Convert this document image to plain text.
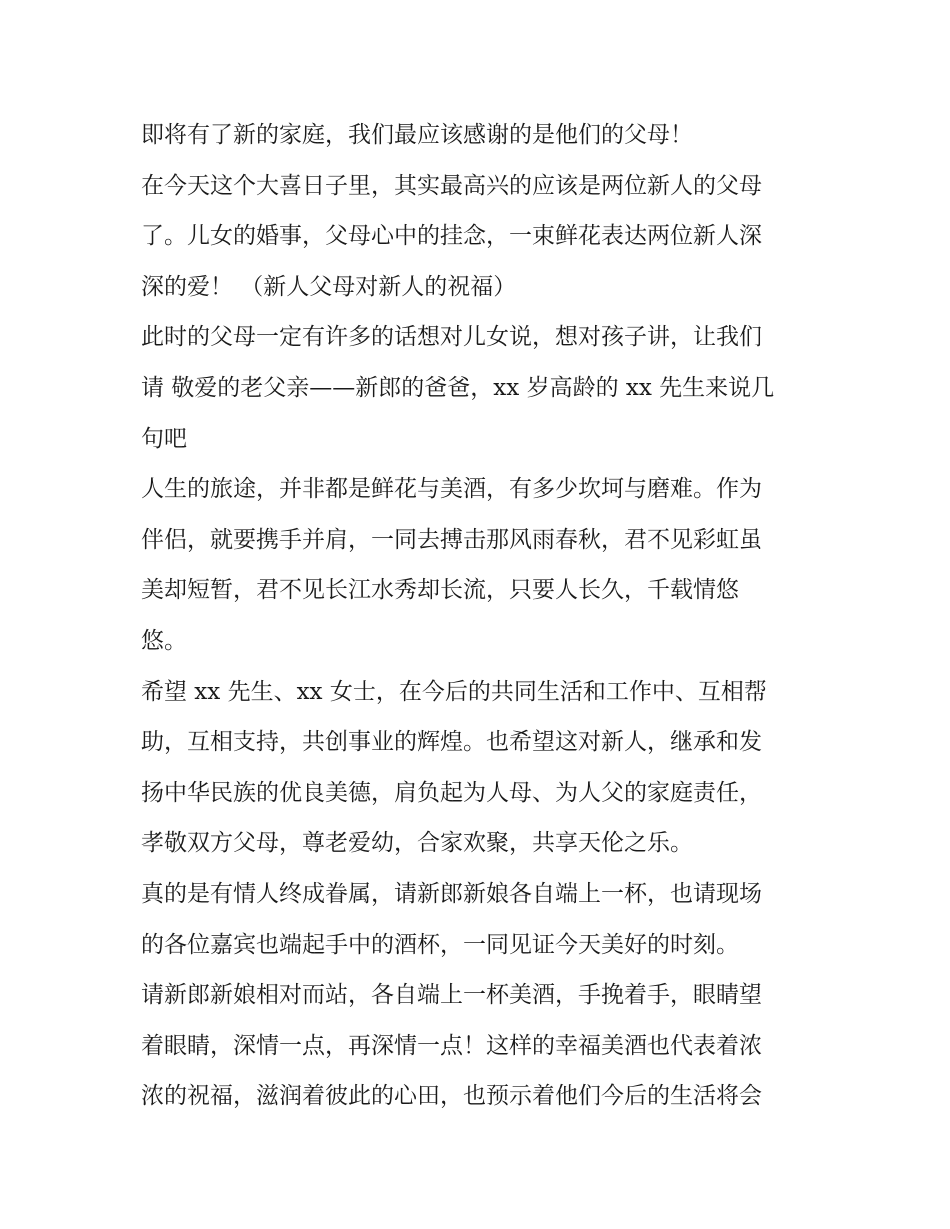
即将有了新的家庭，我们最应该感谢的是他们的父母！

在今天这个大喜日子里，其实最高兴的应该是两位新人的父母
了。儿女的婚事，父母心中的挂念，一束鲜花表达两位新人深
深的爱！ （新人父母对新人的祝福）

此时的父母一定有许多的话想对儿女说，想对孩子讲，让我们
请 敬爱的老父亲——新郎的爸爸，xx 岁高龄的 xx 先生来说几
句吧

人生的旅途，并非都是鲜花与美酒，有多少坎坷与磨难。作为
伴侣，就要携手并肩，一同去搏击那风雨春秋，君不见彩虹虽
美却短暂，君不见长江水秀却长流，只要人长久，千载情悠
悠。

希望 xx 先生、xx 女士，在今后的共同生活和工作中、互相帮
助，互相支持，共创事业的辉煌。也希望这对新人，继承和发
扬中华民族的优良美德，肩负起为人母、为人父的家庭责任，
孝敬双方父母，尊老爱幼，合家欢聚，共享天伦之乐。

真的是有情人终成眷属，请新郎新娘各自端上一杯，也请现场
的各位嘉宾也端起手中的酒杯，一同见证今天美好的时刻。

请新郎新娘相对而站，各自端上一杯美酒，手挽着手，眼睛望
着眼睛，深情一点，再深情一点！这样的幸福美酒也代表着浓
浓的祝福，滋润着彼此的心田，也预示着他们今后的生活将会
